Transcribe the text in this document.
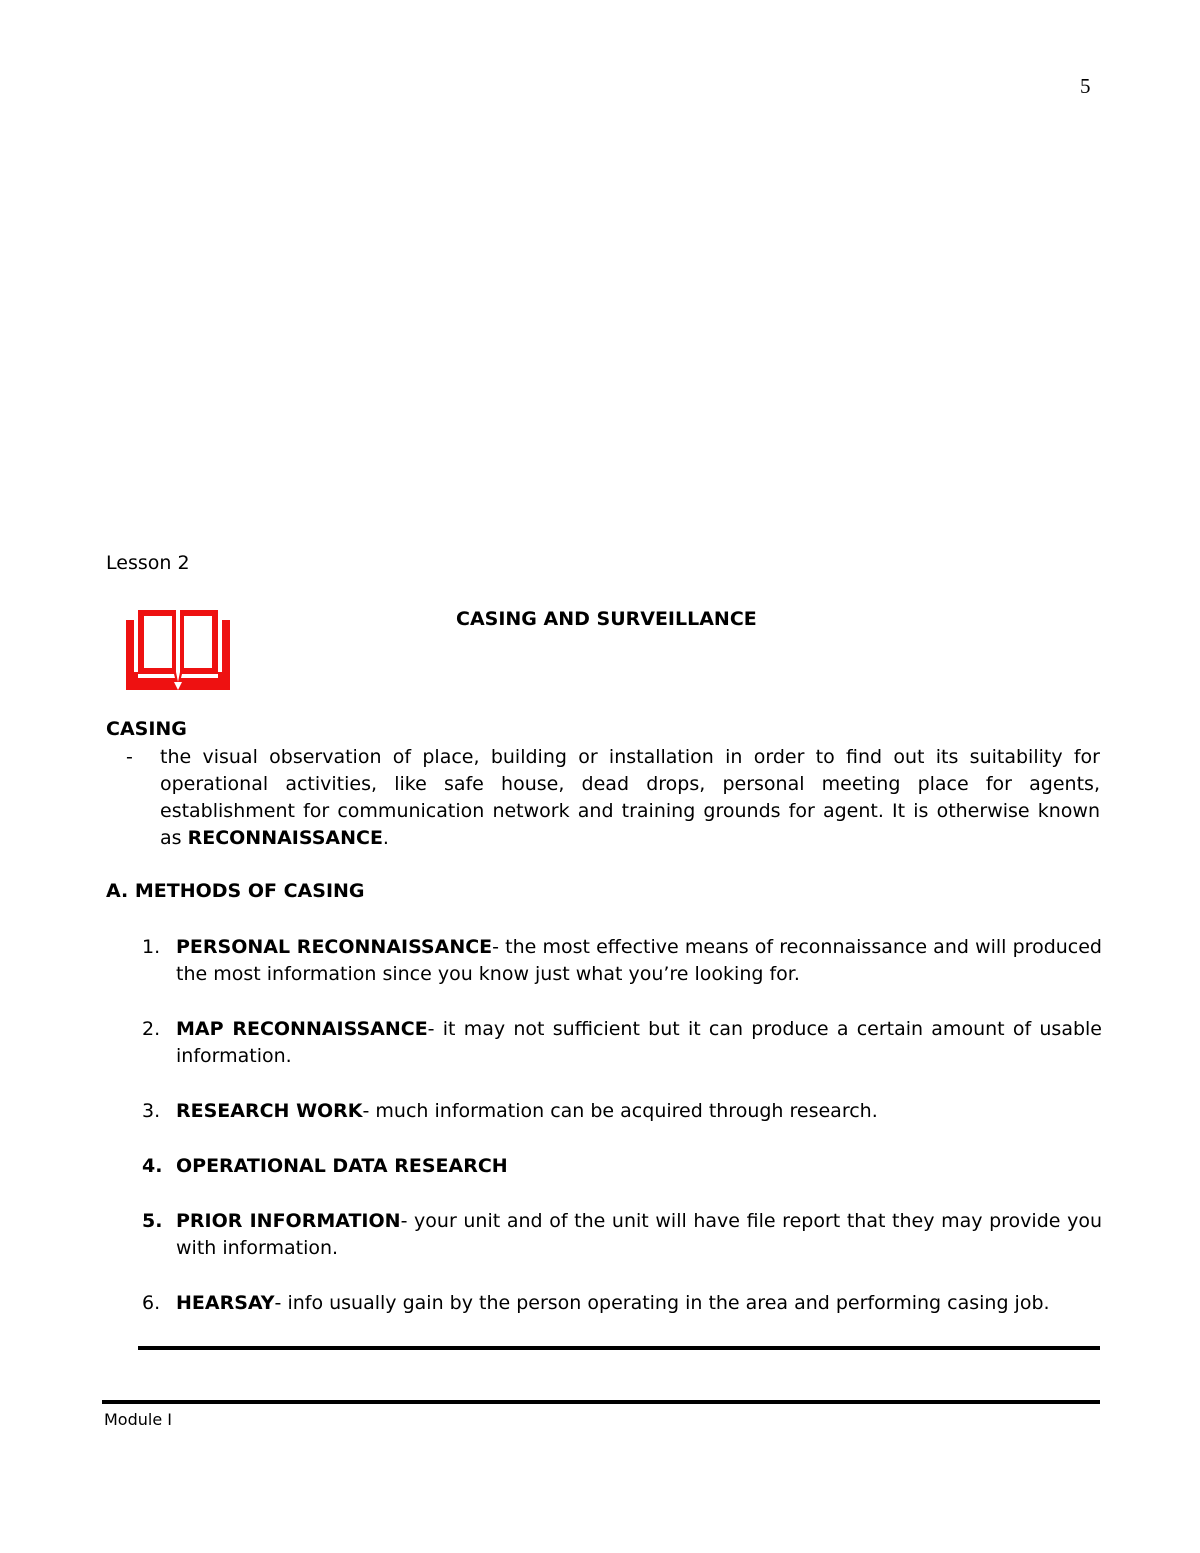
5
Lesson 2
CASING AND SURVEILLANCE
CASING
- the visual observation of place, building or installation in order to find out its suitability for operational activities, like safe house, dead drops, personal meeting place for agents, establishment for communication network and training grounds for agent. It is otherwise known as RECONNAISSANCE.
A. METHODS OF CASING
1. PERSONAL RECONNAISSANCE- the most effective means of reconnaissance and will produced the most information since you know just what you’re looking for.
2. MAP RECONNAISSANCE- it may not sufficient but it can produce a certain amount of usable information.
3. RESEARCH WORK- much information can be acquired through research.
4. OPERATIONAL DATA RESEARCH
5. PRIOR INFORMATION- your unit and of the unit will have file report that they may provide you with information.
6. HEARSAY- info usually gain by the person operating in the area and performing casing job.
Module I
